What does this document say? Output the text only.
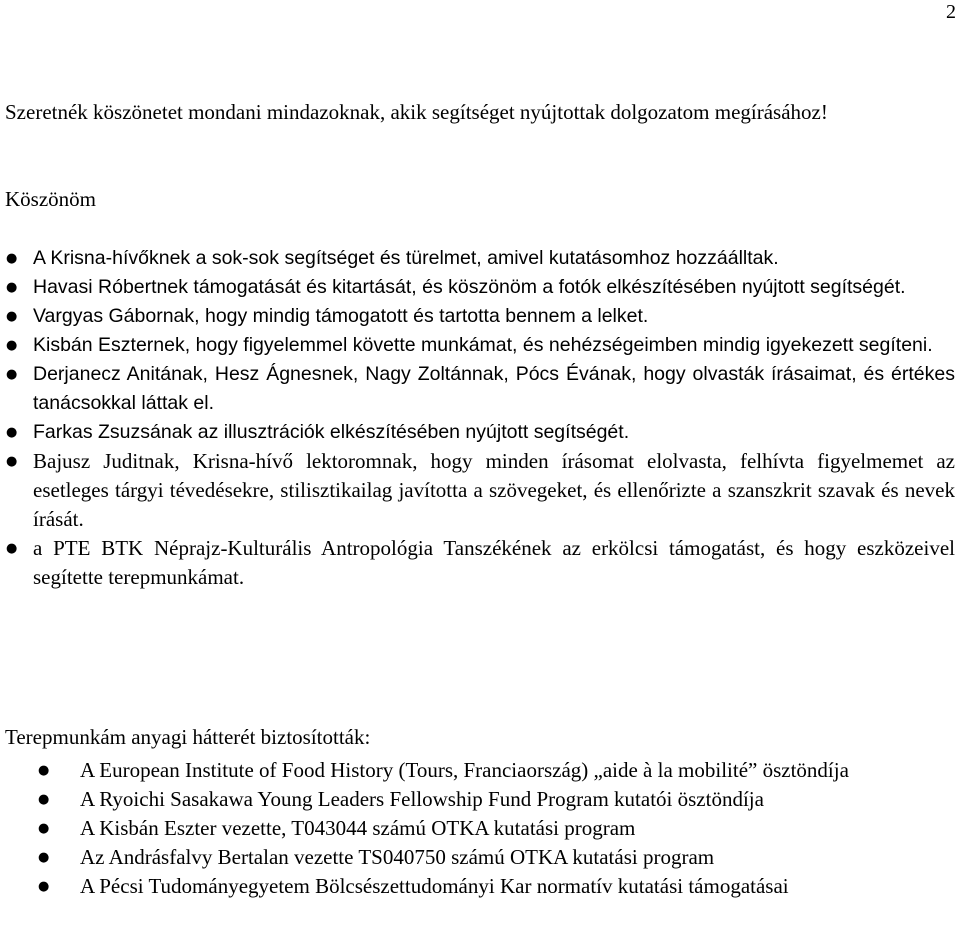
2

Szeretnék köszönetet mondani mindazoknak, akik segítséget nyújtottak dolgozatom megírásához!

Köszönöm

● A Krisna-hívőknek a sok-sok segítséget és türelmet, amivel kutatásomhoz hozzáálltak.
● Havasi Róbertnek támogatását és kitartását, és köszönöm a fotók elkészítésében nyújtott segítségét.
● Vargyas Gábornak, hogy mindig támogatott és tartotta bennem a lelket.
● Kisbán Eszternek, hogy figyelemmel követte munkámat, és nehézségeimben mindig igyekezett segíteni.
● Derjanecz Anitának, Hesz Ágnesnek, Nagy Zoltánnak, Pócs Évának, hogy olvasták írásaimat, és értékes tanácsokkal láttak el.
● Farkas Zsuzsának az illusztrációk elkészítésében nyújtott segítségét.
● Bajusz Juditnak, Krisna-hívő lektoromnak, hogy minden írásomat elolvasta, felhívta figyelmemet az esetleges tárgyi tévedésekre, stilisztikailag javította a szövegeket, és ellenőrizte a szanszkrit szavak és nevek írását.
● a PTE BTK Néprajz-Kulturális Antropológia Tanszékének az erkölcsi támogatást, és hogy eszközeivel segítette terepmunkámat.

Terepmunkám anyagi hátterét biztosították:

● A European Institute of Food History (Tours, Franciaország) „aide à la mobilité” ösztöndíja
● A Ryoichi Sasakawa Young Leaders Fellowship Fund Program kutatói ösztöndíja
● A Kisbán Eszter vezette, T043044 számú OTKA kutatási program
● Az Andrásfalvy Bertalan vezette TS040750 számú OTKA kutatási program
● A Pécsi Tudományegyetem Bölcsészettudományi Kar normatív kutatási támogatásai
